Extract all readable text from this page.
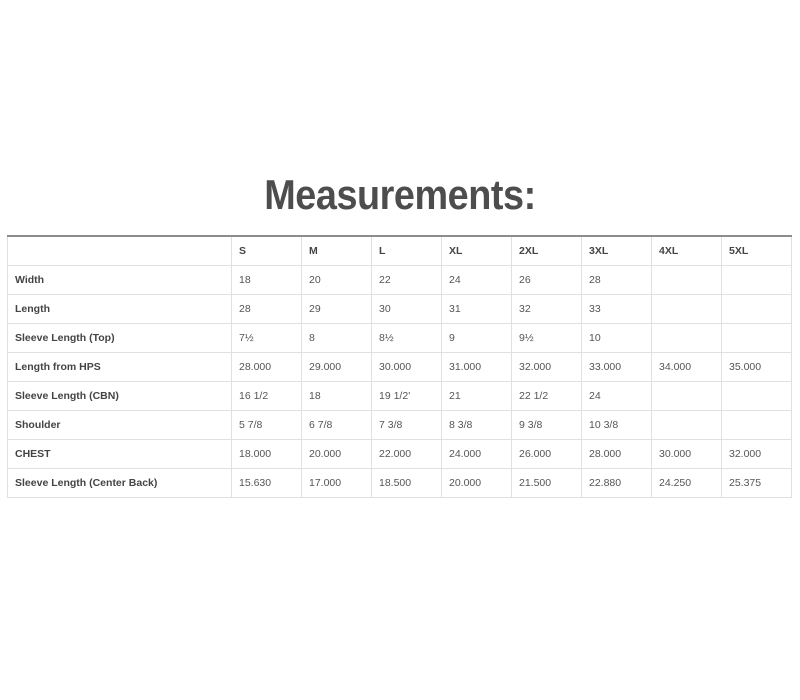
Measurements:
	S	M	L	XL	2XL	3XL	4XL	5XL
Width	18	20	22	24	26	28		
Length	28	29	30	31	32	33		
Sleeve Length (Top)	7½	8	8½	9	9½	10		
Length from HPS	28.000	29.000	30.000	31.000	32.000	33.000	34.000	35.000
Sleeve Length (CBN)	16 1/2	18	19 1/2'	21	22 1/2	24		
Shoulder	5 7/8	6 7/8	7 3/8	8 3/8	9 3/8	10 3/8		
CHEST	18.000	20.000	22.000	24.000	26.000	28.000	30.000	32.000
Sleeve Length (Center Back)	15.630	17.000	18.500	20.000	21.500	22.880	24.250	25.375
